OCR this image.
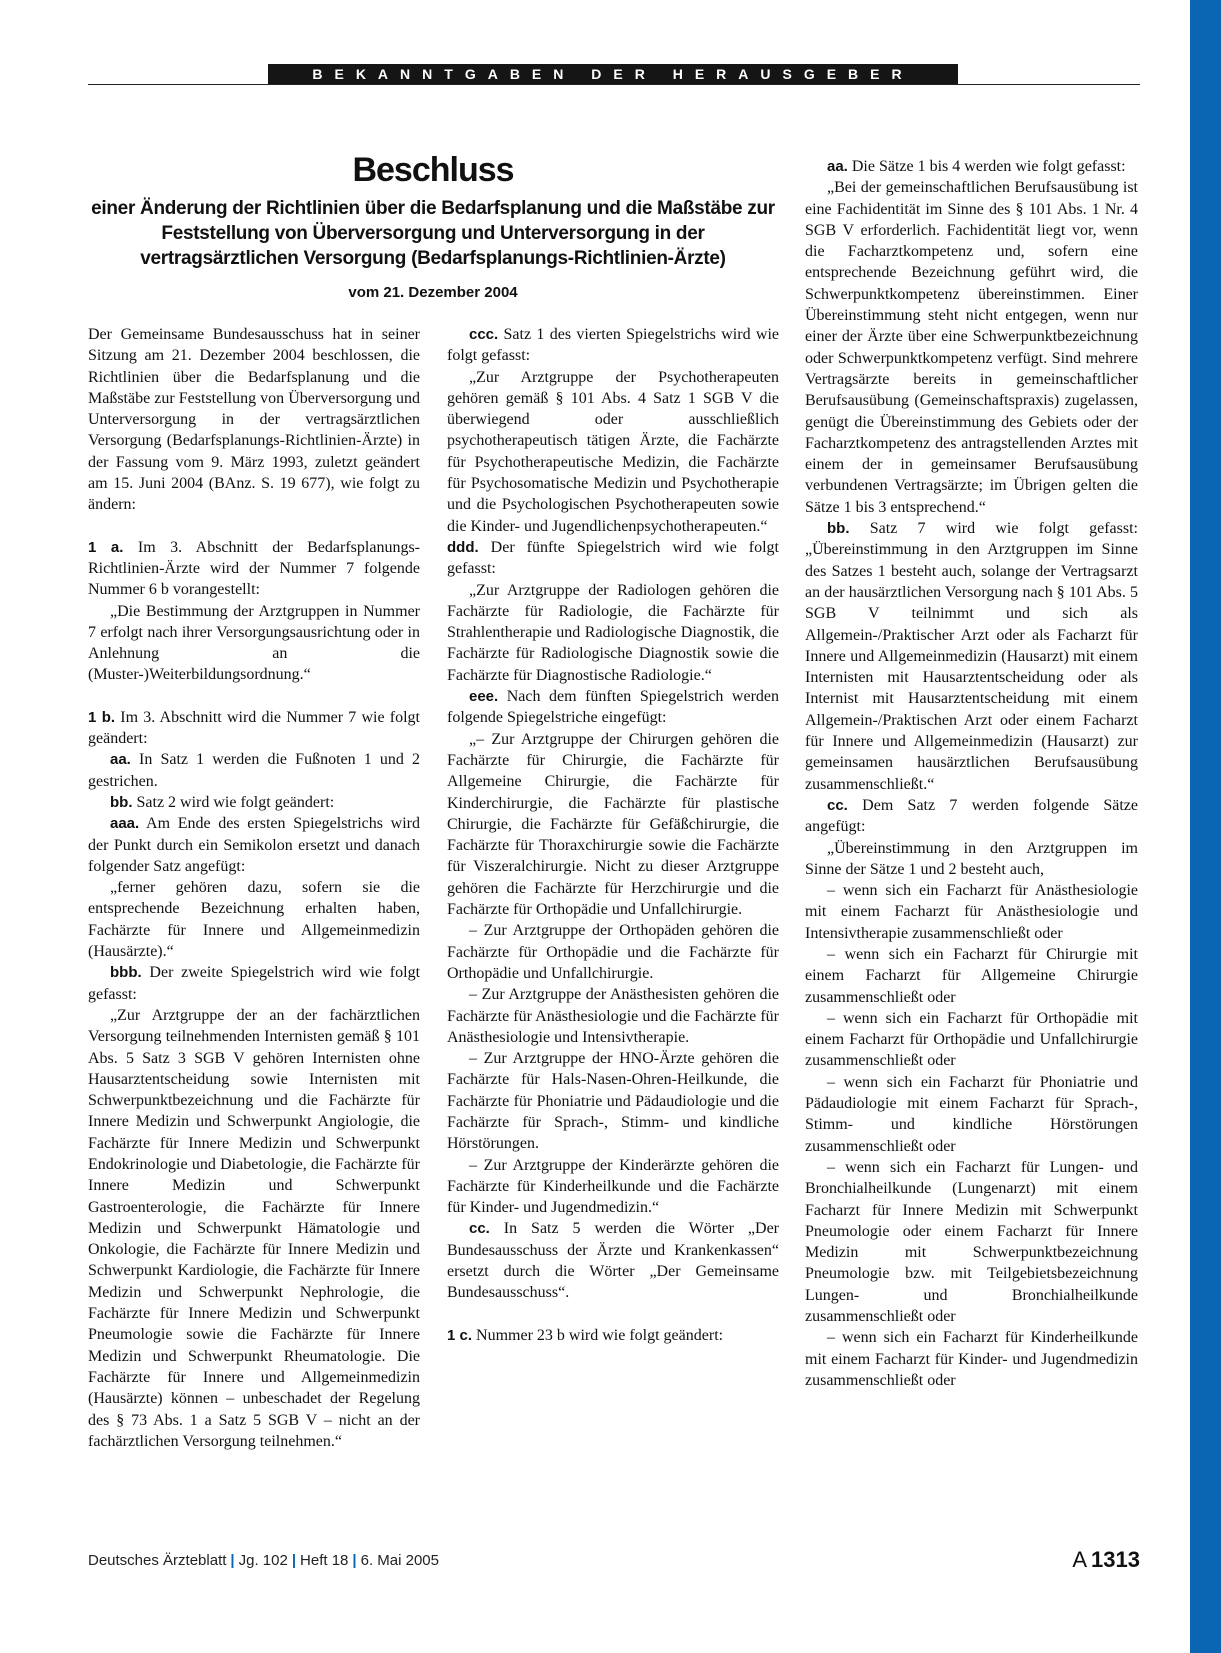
BEKANNTGABEN DER HERAUSGEBER
Beschluss
einer Änderung der Richtlinien über die Bedarfsplanung und die Maßstäbe zur Feststellung von Überversorgung und Unterversorgung in der vertragsärztlichen Versorgung (Bedarfsplanungs-Richtlinien-Ärzte)
vom 21. Dezember 2004

Der Gemeinsame Bundesausschuss hat in seiner Sitzung am 21. Dezember 2004 beschlossen, die Richtlinien über die Bedarfsplanung und die Maßstäbe zur Feststellung von Überversorgung und Unterversorgung in der vertragsärztlichen Versorgung (Bedarfsplanungs-Richtlinien-Ärzte) in der Fassung vom 9. März 1993, zuletzt geändert am 15. Juni 2004 (BAnz. S. 19 677), wie folgt zu ändern:

1 a. Im 3. Abschnitt der Bedarfsplanungs-Richtlinien-Ärzte wird der Nummer 7 folgende Nummer 6 b vorangestellt:

„Die Bestimmung der Arztgruppen in Nummer 7 erfolgt nach ihrer Versorgungsausrichtung oder in Anlehnung an die (Muster-)Weiterbildungsordnung.“

1 b. Im 3. Abschnitt wird die Nummer 7 wie folgt geändert:

aa. In Satz 1 werden die Fußnoten 1 und 2 gestrichen.

bb. Satz 2 wird wie folgt geändert:

aaa. Am Ende des ersten Spiegelstrichs wird der Punkt durch ein Semikolon ersetzt und danach folgender Satz angefügt:

„ferner gehören dazu, sofern sie die entsprechende Bezeichnung erhalten haben, Fachärzte für Innere und Allgemeinmedizin (Hausärzte).“

bbb. Der zweite Spiegelstrich wird wie folgt gefasst:

„Zur Arztgruppe der an der fachärztlichen Versorgung teilnehmenden Internisten gemäß § 101 Abs. 5 Satz 3 SGB V gehören Internisten ohne Hausarztentscheidung sowie Internisten mit Schwerpunktbezeichnung und die Fachärzte für Innere Medizin und Schwerpunkt Angiologie, die Fachärzte für Innere Medizin und Schwerpunkt Endokrinologie und Diabetologie, die Fachärzte für Innere Medizin und Schwerpunkt Gastroenterologie, die Fachärzte für Innere Medizin und Schwerpunkt Hämatologie und Onkologie, die Fachärzte für Innere Medizin und Schwerpunkt Kardiologie, die Fachärzte für Innere Medizin und Schwerpunkt Nephrologie, die Fachärzte für Innere Medizin und Schwerpunkt Pneumologie sowie die Fachärzte für Innere Medizin und Schwerpunkt Rheumatologie. Die Fachärzte für Innere und Allgemeinmedizin (Hausärzte) können – unbeschadet der Regelung des § 73 Abs. 1 a Satz 5 SGB V – nicht an der fachärztlichen Versorgung teilnehmen.“

ccc. Satz 1 des vierten Spiegelstrichs wird wie folgt gefasst:

„Zur Arztgruppe der Psychotherapeuten gehören gemäß § 101 Abs. 4 Satz 1 SGB V die überwiegend oder ausschließlich psychotherapeutisch tätigen Ärzte, die Fachärzte für Psychotherapeutische Medizin, die Fachärzte für Psychosomatische Medizin und Psychotherapie und die Psychologischen Psychotherapeuten sowie die Kinder- und Jugendlichenpsychotherapeuten.“

ddd. Der fünfte Spiegelstrich wird wie folgt gefasst:

„Zur Arztgruppe der Radiologen gehören die Fachärzte für Radiologie, die Fachärzte für Strahlentherapie und Radiologische Diagnostik, die Fachärzte für Radiologische Diagnostik sowie die Fachärzte für Diagnostische Radiologie.“

eee. Nach dem fünften Spiegelstrich werden folgende Spiegelstriche eingefügt:

„– Zur Arztgruppe der Chirurgen gehören die Fachärzte für Chirurgie, die Fachärzte für Allgemeine Chirurgie, die Fachärzte für Kinderchirurgie, die Fachärzte für plastische Chirurgie, die Fachärzte für Gefäßchirurgie, die Fachärzte für Thoraxchirurgie sowie die Fachärzte für Viszeralchirurgie. Nicht zu dieser Arztgruppe gehören die Fachärzte für Herzchirurgie und die Fachärzte für Orthopädie und Unfallchirurgie.

– Zur Arztgruppe der Orthopäden gehören die Fachärzte für Orthopädie und die Fachärzte für Orthopädie und Unfallchirurgie.

– Zur Arztgruppe der Anästhesisten gehören die Fachärzte für Anästhesiologie und die Fachärzte für Anästhesiologie und Intensivtherapie.

– Zur Arztgruppe der HNO-Ärzte gehören die Fachärzte für Hals-Nasen-Ohren-Heilkunde, die Fachärzte für Phoniatrie und Pädaudiologie und die Fachärzte für Sprach-, Stimm- und kindliche Hörstörungen.

– Zur Arztgruppe der Kinderärzte gehören die Fachärzte für Kinderheilkunde und die Fachärzte für Kinder- und Jugendmedizin.“

cc. In Satz 5 werden die Wörter „Der Bundesausschuss der Ärzte und Krankenkassen“ ersetzt durch die Wörter „Der Gemeinsame Bundesausschuss“.

1 c. Nummer 23 b wird wie folgt geändert:

aa. Die Sätze 1 bis 4 werden wie folgt gefasst:

„Bei der gemeinschaftlichen Berufsausübung ist eine Fachidentität im Sinne des § 101 Abs. 1 Nr. 4 SGB V erforderlich. Fachidentität liegt vor, wenn die Facharztkompetenz und, sofern eine entsprechende Bezeichnung geführt wird, die Schwerpunktkompetenz übereinstimmen. Einer Übereinstimmung steht nicht entgegen, wenn nur einer der Ärzte über eine Schwerpunktbezeichnung oder Schwerpunktkompetenz verfügt. Sind mehrere Vertragsärzte bereits in gemeinschaftlicher Berufsausübung (Gemeinschaftspraxis) zugelassen, genügt die Übereinstimmung des Gebiets oder der Facharztkompetenz des antragstellenden Arztes mit einem der in gemeinsamer Berufsausübung verbundenen Vertragsärzte; im Übrigen gelten die Sätze 1 bis 3 entsprechend.“

bb. Satz 7 wird wie folgt gefasst: „Übereinstimmung in den Arztgruppen im Sinne des Satzes 1 besteht auch, solange der Vertragsarzt an der hausärztlichen Versorgung nach § 101 Abs. 5 SGB V teilnimmt und sich als Allgemein-/Praktischer Arzt oder als Facharzt für Innere und Allgemeinmedizin (Hausarzt) mit einem Internisten mit Hausarztentscheidung oder als Internist mit Hausarztentscheidung mit einem Allgemein-/Praktischen Arzt oder einem Facharzt für Innere und Allgemeinmedizin (Hausarzt) zur gemeinsamen hausärztlichen Berufsausübung zusammenschließt.“

cc. Dem Satz 7 werden folgende Sätze angefügt:

„Übereinstimmung in den Arztgruppen im Sinne der Sätze 1 und 2 besteht auch,

– wenn sich ein Facharzt für Anästhesiologie mit einem Facharzt für Anästhesiologie und Intensivtherapie zusammenschließt oder

– wenn sich ein Facharzt für Chirurgie mit einem Facharzt für Allgemeine Chirurgie zusammenschließt oder

– wenn sich ein Facharzt für Orthopädie mit einem Facharzt für Orthopädie und Unfallchirurgie zusammenschließt oder

– wenn sich ein Facharzt für Phoniatrie und Pädaudiologie mit einem Facharzt für Sprach-, Stimm- und kindliche Hörstörungen zusammenschließt oder

– wenn sich ein Facharzt für Lungen- und Bronchialheilkunde (Lungenarzt) mit einem Facharzt für Innere Medizin mit Schwerpunkt Pneumologie oder einem Facharzt für Innere Medizin mit Schwerpunktbezeichnung Pneumologie bzw. mit Teilgebietsbezeichnung Lungen- und Bronchialheilkunde zusammenschließt oder

– wenn sich ein Facharzt für Kinderheilkunde mit einem Facharzt für Kinder- und Jugendmedizin zusammenschließt oder

Deutsches Ärzteblatt | Jg. 102 | Heft 18 | 6. Mai 2005	A 1313
